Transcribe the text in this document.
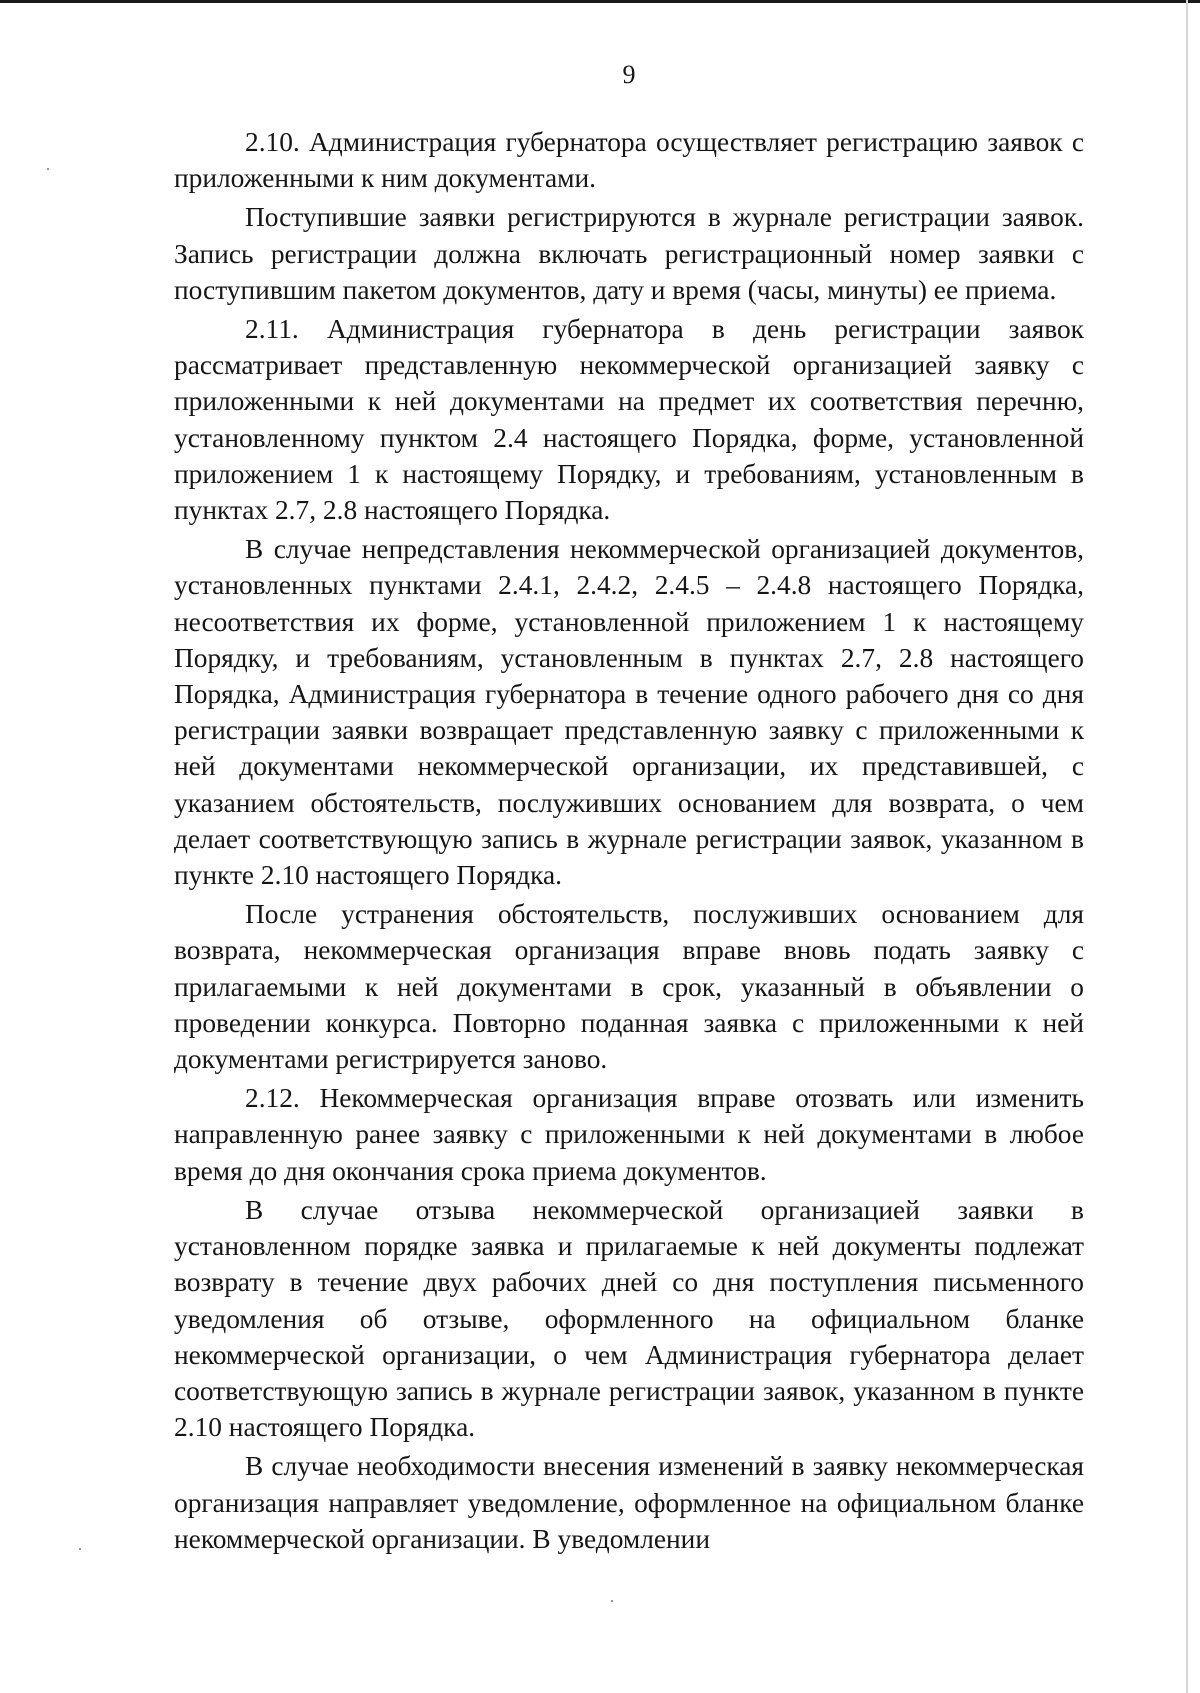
9

2.10. Администрация губернатора осуществляет регистрацию заявок с приложенными к ним документами.

Поступившие заявки регистрируются в журнале регистрации заявок. Запись регистрации должна включать регистрационный номер заявки с поступившим пакетом документов, дату и время (часы, минуты) ее приема.

2.11. Администрация губернатора в день регистрации заявок рассматривает представленную некоммерческой организацией заявку с приложенными к ней документами на предмет их соответствия перечню, установленному пунктом 2.4 настоящего Порядка, форме, установленной приложением 1 к настоящему Порядку, и требованиям, установленным в пунктах 2.7, 2.8 настоящего Порядка.

В случае непредставления некоммерческой организацией документов, установленных пунктами 2.4.1, 2.4.2, 2.4.5 – 2.4.8 настоящего Порядка, несоответствия их форме, установленной приложением 1 к настоящему Порядку, и требованиям, установленным в пунктах 2.7, 2.8 настоящего Порядка, Администрация губернатора в течение одного рабочего дня со дня регистрации заявки возвращает представленную заявку с приложенными к ней документами некоммерческой организации, их представившей, с указанием обстоятельств, послуживших основанием для возврата, о чем делает соответствующую запись в журнале регистрации заявок, указанном в пункте 2.10 настоящего Порядка.

После устранения обстоятельств, послуживших основанием для возврата, некоммерческая организация вправе вновь подать заявку с прилагаемыми к ней документами в срок, указанный в объявлении о проведении конкурса. Повторно поданная заявка с приложенными к ней документами регистрируется заново.

2.12. Некоммерческая организация вправе отозвать или изменить направленную ранее заявку с приложенными к ней документами в любое время до дня окончания срока приема документов.

В случае отзыва некоммерческой организацией заявки в установленном порядке заявка и прилагаемые к ней документы подлежат возврату в течение двух рабочих дней со дня поступления письменного уведомления об отзыве, оформленного на официальном бланке некоммерческой организации, о чем Администрация губернатора делает соответствующую запись в журнале регистрации заявок, указанном в пункте 2.10 настоящего Порядка.

В случае необходимости внесения изменений в заявку некоммерческая организация направляет уведомление, оформленное на официальном бланке некоммерческой организации. В уведомлении
